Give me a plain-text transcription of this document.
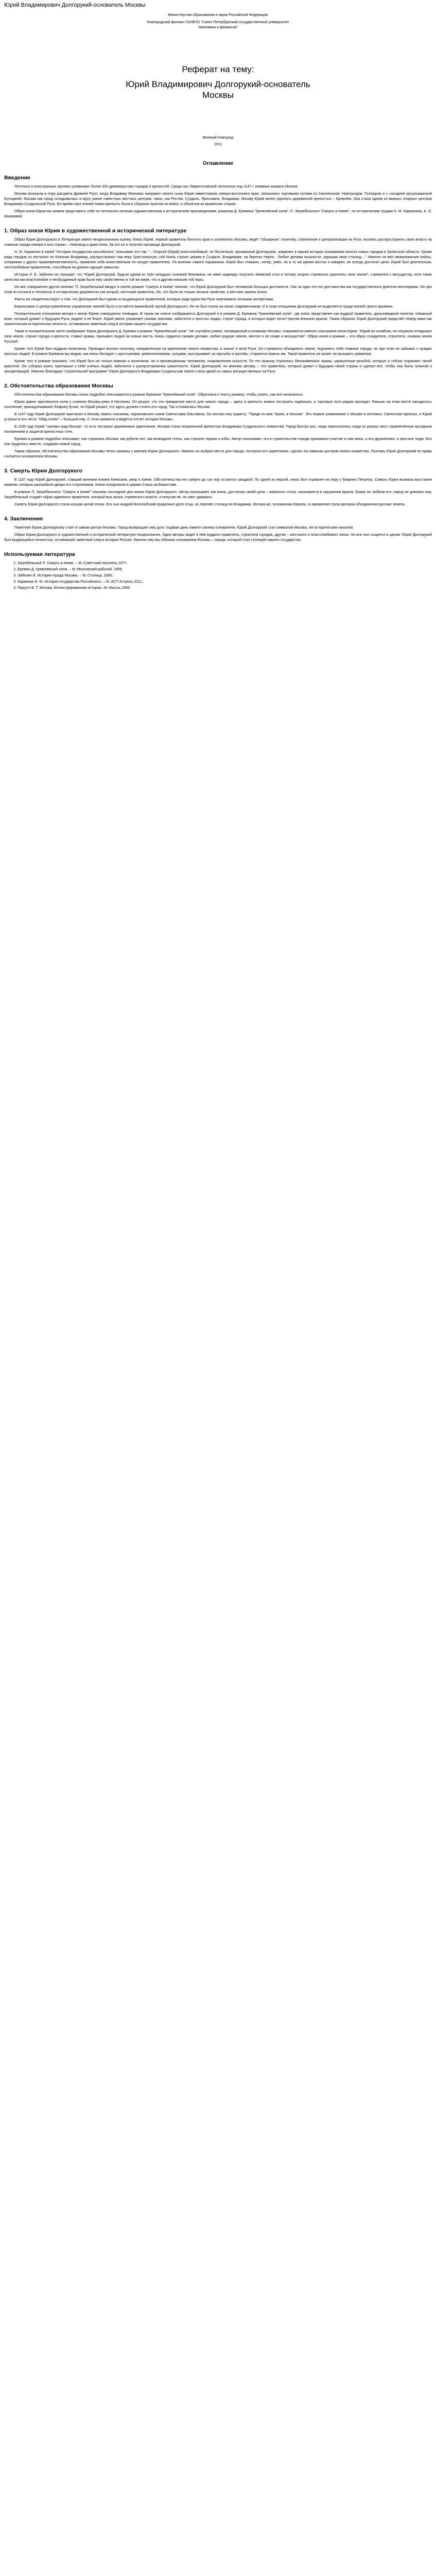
Юрий Владимирович Долгорукий-основатель Москвы
Министерство образования и науки Российской Федерации
Новгородский филиал ГОУВПО "Санкт-Петербургский государственный университет
экономики и финансов"
Реферат на тему:
Юрий Владимирович Долгорукий-основатель
Москвы
Великий Новгород
2011
Оглавление
Введение

Летописи и иностранные хроники упоминают более 300 древнерусских городов и крепостей. Среди них Лаврентьевской летописью под 1147 г. впервые названа Москва.

Москва возникла в пору расцвета Древней Руси, когда Владимир Мономах направил своего сына Юрия наместником северо-восточного края, связанного торговыми путями со Смоленском, Новгородом, Полоцком и с соседней мусульманской Булгарией. Москва как город складывалась в кругу ранее известных местных центров, таких, как Ростов, Суздаль, Ярославль, Владимир. Москву Юрий велел укрепить деревянной крепостью – Кремлём. Она стала одним из важных опорных центров Владимиро-Суздальской Руси. Во время смут князей новая крепость была и сборным пунктом их войск, и объектом их вражеских споров.

Образ князя Юрия мы можем представить себе по летописно-личным художественным и историческим произведениям: романам Д. Еремина "Кремлёвский холм", П. Загребельного "Смерть в Киеве", по историческим трудам Н. М. Карамзина, А. О. Ишимовой.

1. Образ князя Юрия в художественной и исторической литературе

Образ Юрия Долгорукого в Литературе имеет неоднозначную оценку. Князь Юрий, первый правитель богатого края и основатель Москвы, ведёт "обширную" политику, стремление к централизации на Руси, пытаясь распространить свою власть на главные города севера и юга страны – Новгород и даже Киев. За это он и получил прозвище Долгорукий.

Н. М. Карамзин в своей "Истории государства российского" описывает его так: "…Георгий (Юрий) властолюбивый, не беспечный, прозванный Долгоруким, знаменит в нашей истории основанием многих новых городов в Залесской области. Кроме ряда городов он построил по Клязьме Владимир, распространил там веру Христианскую, сей Князь строил церкви в Суздале, Владимире, на берегах Нерли…Любил делами пышности, украшая свою столицу…" Именно он вёл межкняжеские войны, оспаривая у других правопреемственность, проявляя себя воинственным по натуре правителем. По мнению самого Карамзина, Юрий был отважен, хитёр, умён, но в то же время жесток и коварен, не всегда достигал цели. Юрий был деятельным, честолюбивым правителем, способным на далеко идущие замыслы.

Историк И. Е. Забелин не отрицает, что "Юрий Долгорукий, будучи одним из трёх младших сыновей Мономаха, не имел надежды получить Киевский стол и потому упорно стремился укреплять свои земли", стремился к могуществу, хотя такие качества как властолюбие и необузданный нрав были ему свойственны в той же мере, что и другим князьям той поры.

Он мог совершенно другое мнение. П. Загребельный вводит в своём романе "Смерть в Киеве" мнение, что Юрий Долгорукий был человеком больших достоинств. Уже за одно это его достоинства как государственного деятеля неоспоримы. Но при этом он остался в летописях и исторических документах как хитрый, жестокий правитель. Но, это были не только личные свойства, а жёсткие законы эпохи.

Факты же свидетельствуют о том, что Долгорукий был одним из выдающихся правителей, которые ради единства Руси жертвовали личными интересами.

Бережливое и целеустремлённое управление землёй было и остаётся важнейшей чертой Долгорукого. Он не был похож на своих современников. И в этом отношении Долгорукий не выделяется среди князей своего времени.

Положительное отношение автора к князю Юрию совершенно очевидно. В таком же ключе изображается Долгорукий и в романе Д. Еремина "Кремлёвский холм", где князь представлен как мудрый правитель, дальновидный политик, отважный воин, который думает о будущем Руси, радеет о её благе. Юрий умело управляет своими землями, заботится о простых людях, строит города, в которых видит оплот против внешних врагов. Таким образом, Юрий Долгорукий предстаёт перед нами как значительная историческая личность, оставившая заметный след в истории нашего государства.

Также в положительном свете изображает Юрия Долгорукого Д. Еремин в романе "Кремлёвский холм". Не случайно роман, посвящённый основанию Москвы, открывается именно описанием князя Юрия: "Юрий по-хозяйски, по-отцовски оглядывал свои земли, строил города и крепости, ставил храмы, призывал людей на новые места. Князь гордился своими делами, любил родную землю, мечтал о её славе и могуществе". Образ князя в романе – это образ созидателя, строителя, хозяина земли Русской.

Кроме того Юрий был мудрым политиком. Проводил вполне политику, направленную на укрепление своего княжества, а значит и всей Руси. Он стремился объединить земли, подчинить себе главные города, но при этом не забывал о нуждах простых людей. В романе Еремина мы видим, как князь беседует с крестьянами, ремесленниками, купцами, выслушивает их просьбы и жалобы, старается помочь им. Такой правитель не может не вызывать уважения.

Кроме того в романе показано, что Юрий был не только воином и политиком, но и просвещённым человеком, покровителем искусств. По его приказу строились белокаменные храмы, украшенные резьбой, которые и сейчас поражают своей красотой. Он собирал книги, приглашал к себе учёных людей, заботился о распространении грамотности. Юрий Долгорукий, по мнению автора, – это правитель, который думал о будущем своей страны и сделал всё, чтобы она была сильной и процветающей. Именно благодаря "строительной программе" Юрия Долгорукого Владимиро-Суздальская земля стала одной из самых могущественных на Руси.

2. Обстоятельства образования Москвы

Обстоятельства образования Москвы очень подробно описываются в романе Еремина "Кремлёвский холм". Обратимся к тексту романа, чтобы узнать, как всё начиналось.

Юрию давно приглянулся холм у слияния Москвы-реки и Неглинки. Он решил, что это прекрасное место для нового города – здесь и крепость можно построить надёжную, и торговые пути рядом проходят. Раньше на этом месте находилось поселение, принадлежавшее боярину Кучке, но Юрий решил, что здесь должен стоять его город. Так и появилась Москва.

В 1147 году Юрий Долгорукий пригласил в Москву своего союзника, черниговского князя Святослава Ольговича. Он послал ему грамоту: "Приди ко мне, брате, в Москов". Это первое упоминание о Москве в летописи. Святослав приехал, и Юрий устроил в его честь "обед силен" – большой пир. С этого момента и ведётся отсчёт истории Москвы.

В 1156 году Юрий "заложи град Москву", то есть построил деревянные укрепления. Москва стала пограничной крепостью Владимиро-Суздальского княжества. Город быстро рос, сюда переселялись люди из разных мест, привлечённые выгодным положением и защитой крепостных стен.

Еремин в романе подробно описывает, как строилась Москва: как рубили лес, как возводили стены, как строили терема и избы. Автор показывает, что в строительстве города принимали участие и сам князь, и его дружинники, и простые люди. Все они трудились вместе, создавая новый город.

Таким образом, обстоятельства образования Москвы тесно связаны с именем Юрия Долгорукого. Именно он выбрал место для города, построил его укрепления, сделал его важным центром своего княжества. Поэтому Юрий Долгорукий по праву считается основателем Москвы.

3. Смерть Юрия Долгорукого

В 1157 году Юрий Долгорукий, ставший великим князем Киевским, умер в Киеве. Обстоятельства его смерти до сих пор остаются загадкой. По одной из версий, князь был отравлен на пиру у боярина Петрилы. Смерть Юрия вызвала восстание киевлян, которые разграбили дворы его сторонников. Князя похоронили в церкви Спаса на Берестове.

В романе П. Загребельного "Смерть в Киеве" описаны последние дни жизни Юрия Долгорукого. Автор показывает, как князь, достигнув своей цели – киевского стола, оказывается в окружении врагов. Бояре не любили его, народ не доверял ему. Загребельный создаёт образ одинокого правителя, который всю жизнь стремился к власти, а получив её, не смог удержать.

Смерть Юрия Долгорукого стала концом целой эпохи. Его сын Андрей Боголюбский продолжил дело отца, но перенёс столицу во Владимир. Москва же, основанная Юрием, со временем стала центром объединения русских земель.

4. Заключение

Памятник Юрию Долгорукому стоит в самом центре Москвы. Город возвращает ему долг, отдавая дань памяти своему основателю. Юрий Долгорукий стал символом Москвы, её историческим началом.

Образ Юрия Долгорукого в художественной и исторической литературе неоднозначен. Одни авторы видят в нём мудрого правителя, строителя городов, другие – жестокого и властолюбивого князя. Но все они сходятся в одном: Юрий Долгорукий был выдающейся личностью, оставившей заметный след в истории России. Именно ему мы обязаны основанием Москвы – города, который стал столицей нашего государства.

Используемая литература
1. Загребельный П. Смерть в Киеве. – М.:Советский писатель,1977;
2. Еремин Д. Кремлёвский холм. – М.:Московский рабочий, 1955;
3. Забелин И. История города Москвы. – М.:Столица, 1990;
4. Карамзин Н. М. История государства Российского. – М.:АСТ-Астрель,2011.;
5. Пашуто В. Т. Москва. Иллюстрированная история.–М.:Мысль,1985;
